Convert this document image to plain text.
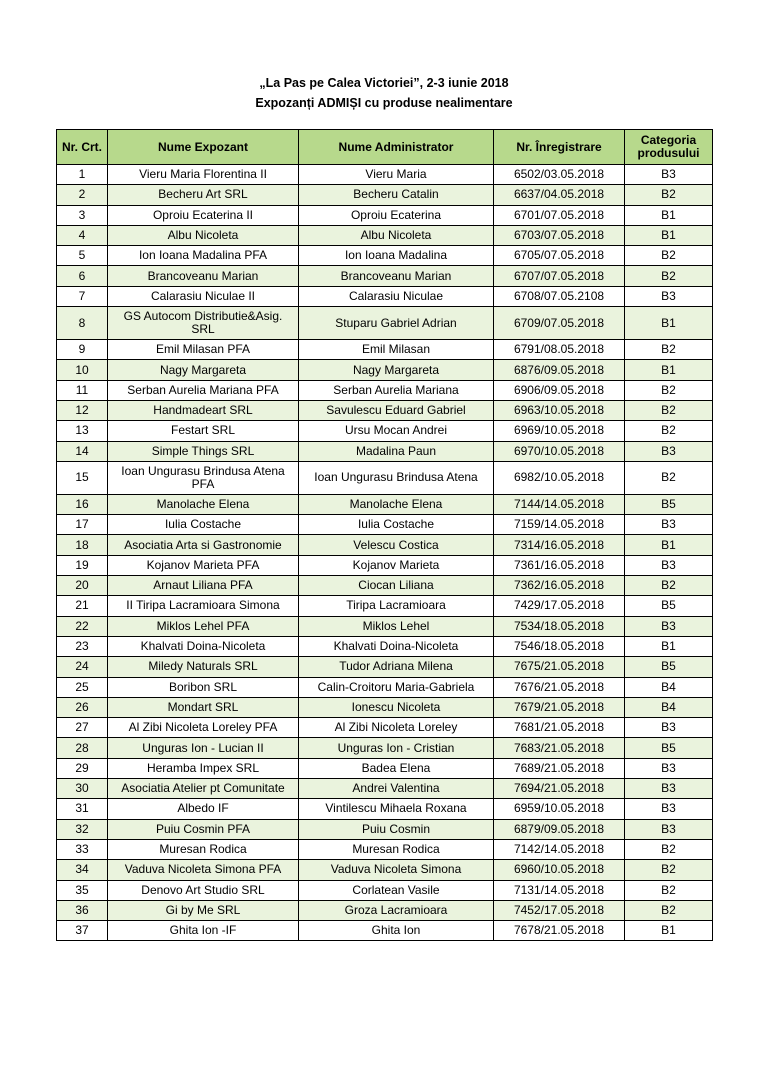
„La Pas pe Calea Victoriei”, 2-3 iunie 2018
Expozanți ADMIȘI cu produse nealimentare
Nr. Crt.	Nume Expozant	Nume Administrator	Nr. Înregistrare	Categoria produsului
1	Vieru Maria Florentina II	Vieru Maria	6502/03.05.2018	B3
2	Becheru Art SRL	Becheru Catalin	6637/04.05.2018	B2
3	Oproiu Ecaterina II	Oproiu Ecaterina	6701/07.05.2018	B1
4	Albu Nicoleta	Albu Nicoleta	6703/07.05.2018	B1
5	Ion Ioana Madalina PFA	Ion Ioana Madalina	6705/07.05.2018	B2
6	Brancoveanu Marian	Brancoveanu Marian	6707/07.05.2018	B2
7	Calarasiu Niculae II	Calarasiu Niculae	6708/07.05.2108	B3
8	GS Autocom Distributie&Asig. SRL	Stuparu Gabriel Adrian	6709/07.05.2018	B1
9	Emil Milasan PFA	Emil Milasan	6791/08.05.2018	B2
10	Nagy Margareta	Nagy Margareta	6876/09.05.2018	B1
11	Serban Aurelia Mariana PFA	Serban Aurelia Mariana	6906/09.05.2018	B2
12	Handmadeart SRL	Savulescu Eduard Gabriel	6963/10.05.2018	B2
13	Festart SRL	Ursu Mocan Andrei	6969/10.05.2018	B2
14	Simple Things SRL	Madalina Paun	6970/10.05.2018	B3
15	Ioan Ungurasu Brindusa Atena PFA	Ioan Ungurasu Brindusa Atena	6982/10.05.2018	B2
16	Manolache Elena	Manolache Elena	7144/14.05.2018	B5
17	Iulia Costache	Iulia Costache	7159/14.05.2018	B3
18	Asociatia Arta si Gastronomie	Velescu Costica	7314/16.05.2018	B1
19	Kojanov Marieta PFA	Kojanov Marieta	7361/16.05.2018	B3
20	Arnaut Liliana PFA	Ciocan Liliana	7362/16.05.2018	B2
21	II Tiripa Lacramioara Simona	Tiripa Lacramioara	7429/17.05.2018	B5
22	Miklos Lehel PFA	Miklos Lehel	7534/18.05.2018	B3
23	Khalvati Doina-Nicoleta	Khalvati Doina-Nicoleta	7546/18.05.2018	B1
24	Miledy Naturals SRL	Tudor Adriana Milena	7675/21.05.2018	B5
25	Boribon SRL	Calin-Croitoru Maria-Gabriela	7676/21.05.2018	B4
26	Mondart SRL	Ionescu Nicoleta	7679/21.05.2018	B4
27	Al Zibi Nicoleta Loreley PFA	Al Zibi Nicoleta Loreley	7681/21.05.2018	B3
28	Unguras Ion - Lucian II	Unguras Ion - Cristian	7683/21.05.2018	B5
29	Heramba Impex SRL	Badea Elena	7689/21.05.2018	B3
30	Asociatia Atelier pt Comunitate	Andrei Valentina	7694/21.05.2018	B3
31	Albedo IF	Vintilescu Mihaela Roxana	6959/10.05.2018	B3
32	Puiu Cosmin PFA	Puiu Cosmin	6879/09.05.2018	B3
33	Muresan Rodica	Muresan Rodica	7142/14.05.2018	B2
34	Vaduva Nicoleta Simona PFA	Vaduva Nicoleta Simona	6960/10.05.2018	B2
35	Denovo Art Studio SRL	Corlatean Vasile	7131/14.05.2018	B2
36	Gi by Me SRL	Groza Lacramioara	7452/17.05.2018	B2
37	Ghita Ion -IF	Ghita Ion	7678/21.05.2018	B1
